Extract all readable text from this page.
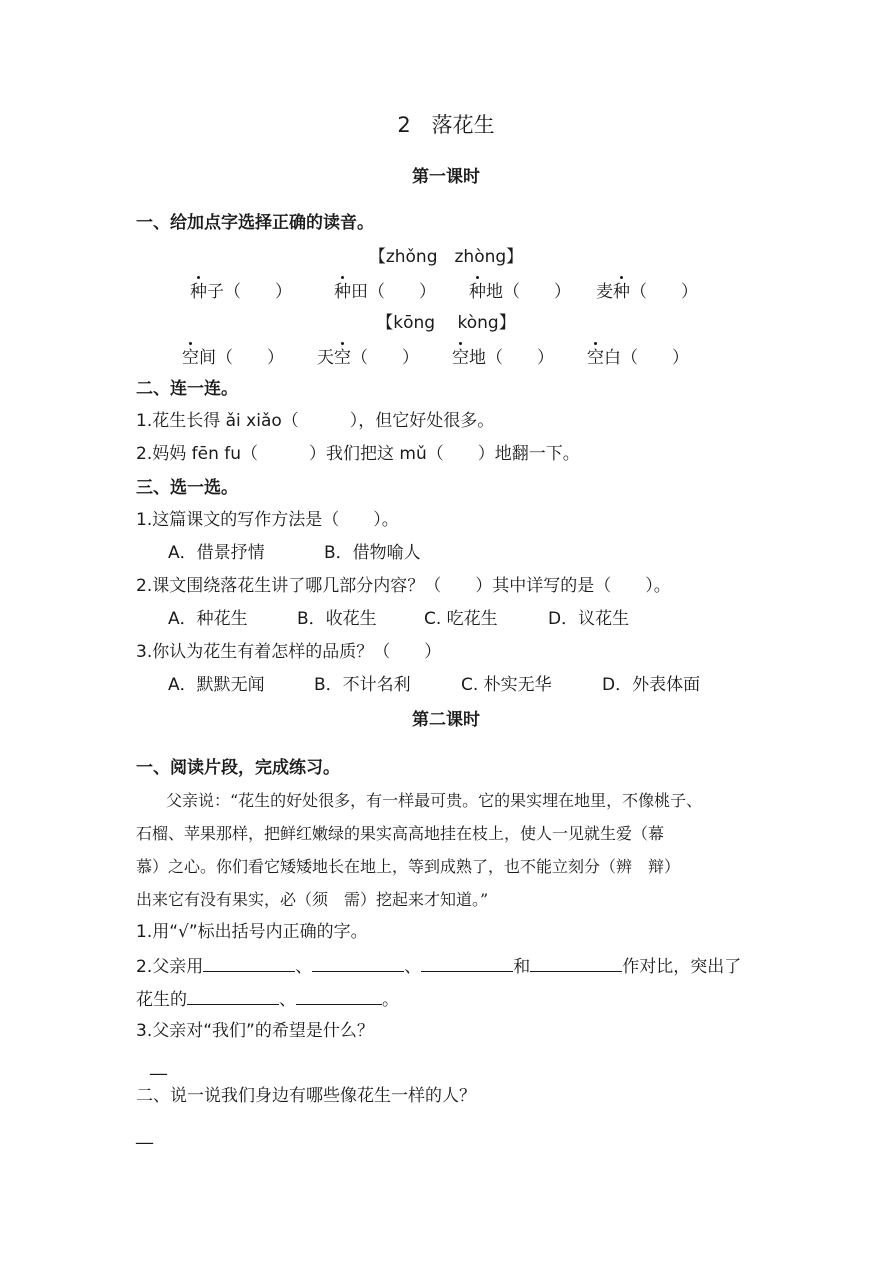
2　落花生
第一课时
一、给加点字选择正确的读音。
【zhǒng　zhòng】
种子（　　） 种田（　　） 种地（　　） 麦种（　　）
【kōng　 kòng】
空间（　　） 天空（　　） 空地（　　） 空白（　　）
二、连一连。
1.花生长得 ǎi xiǎo（　　　），但它好处很多。
2.妈妈 fēn fu（　　　）我们把这 mǔ（　　）地翻一下。
三、选一选。
1.这篇课文的写作方法是（　　）。
A．借景抒情	B．借物喻人
2.课文围绕落花生讲了哪几部分内容？（　　）其中详写的是（　　）。
A．种花生	B．收花生	C. 吃花生	D．议花生
3.你认为花生有着怎样的品质？（　　）
A．默默无闻	B．不计名利	C. 朴实无华	D．外表体面
第二课时
一、阅读片段，完成练习。
父亲说：“花生的好处很多，有一样最可贵。它的果实埋在地里，不像桃子、
石榴、苹果那样，把鲜红嫩绿的果实高高地挂在枝上，使人一见就生爱（幕
慕）之心。你们看它矮矮地长在地上，等到成熟了，也不能立刻分（辨　辩）
出来它有没有果实，必（须　需）挖起来才知道。”
1.用“√”标出括号内正确的字。
2.父亲用	、	、	和	作对比，突出了
花生的	、	。
3.父亲对“我们”的希望是什么？
__
二、说一说我们身边有哪些像花生一样的人？
__
